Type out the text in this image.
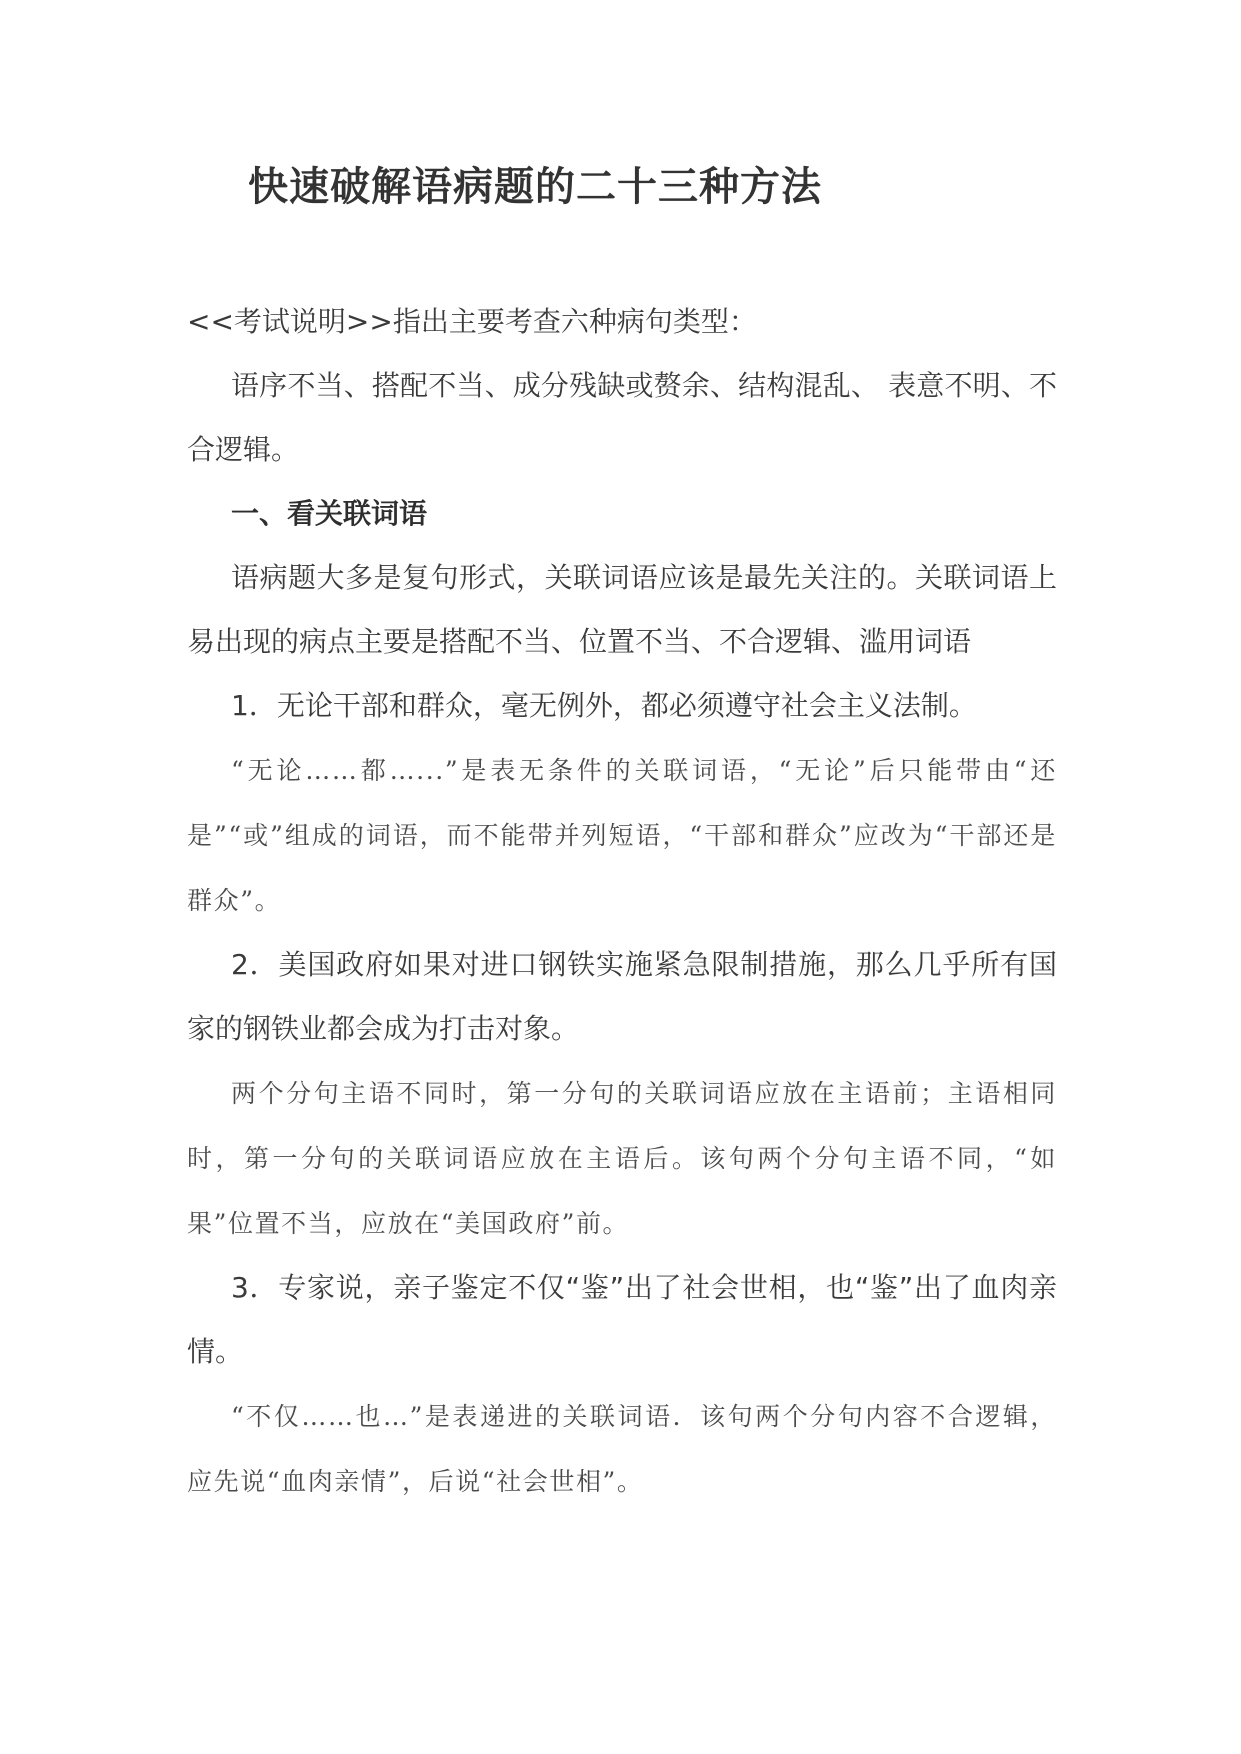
快速破解语病题的二十三种方法

<<考试说明>>指出主要考查六种病句类型：

语序不当、搭配不当、成分残缺或赘余、结构混乱、 表意不明、不合逻辑。

一、看关联词语

语病题大多是复句形式，关联词语应该是最先关注的。关联词语上易出现的病点主要是搭配不当、位置不当、不合逻辑、滥用词语

1．无论干部和群众，毫无例外，都必须遵守社会主义法制。

“无论……都…...”是表无条件的关联词语，“无论”后只能带由“还是”“或”组成的词语，而不能带并列短语，“干部和群众”应改为“干部还是群众”。

2．美国政府如果对进口钢铁实施紧急限制措施，那么几乎所有国家的钢铁业都会成为打击对象。

两个分句主语不同时，第一分句的关联词语应放在主语前；主语相同时，第一分句的关联词语应放在主语后。该句两个分句主语不同，“如果”位置不当，应放在“美国政府”前。

3．专家说，亲子鉴定不仅“鉴”出了社会世相，也“鉴”出了血肉亲情。

“不仅……也…”是表递进的关联词语．该句两个分句内容不合逻辑，应先说“血肉亲情”，后说“社会世相”。
